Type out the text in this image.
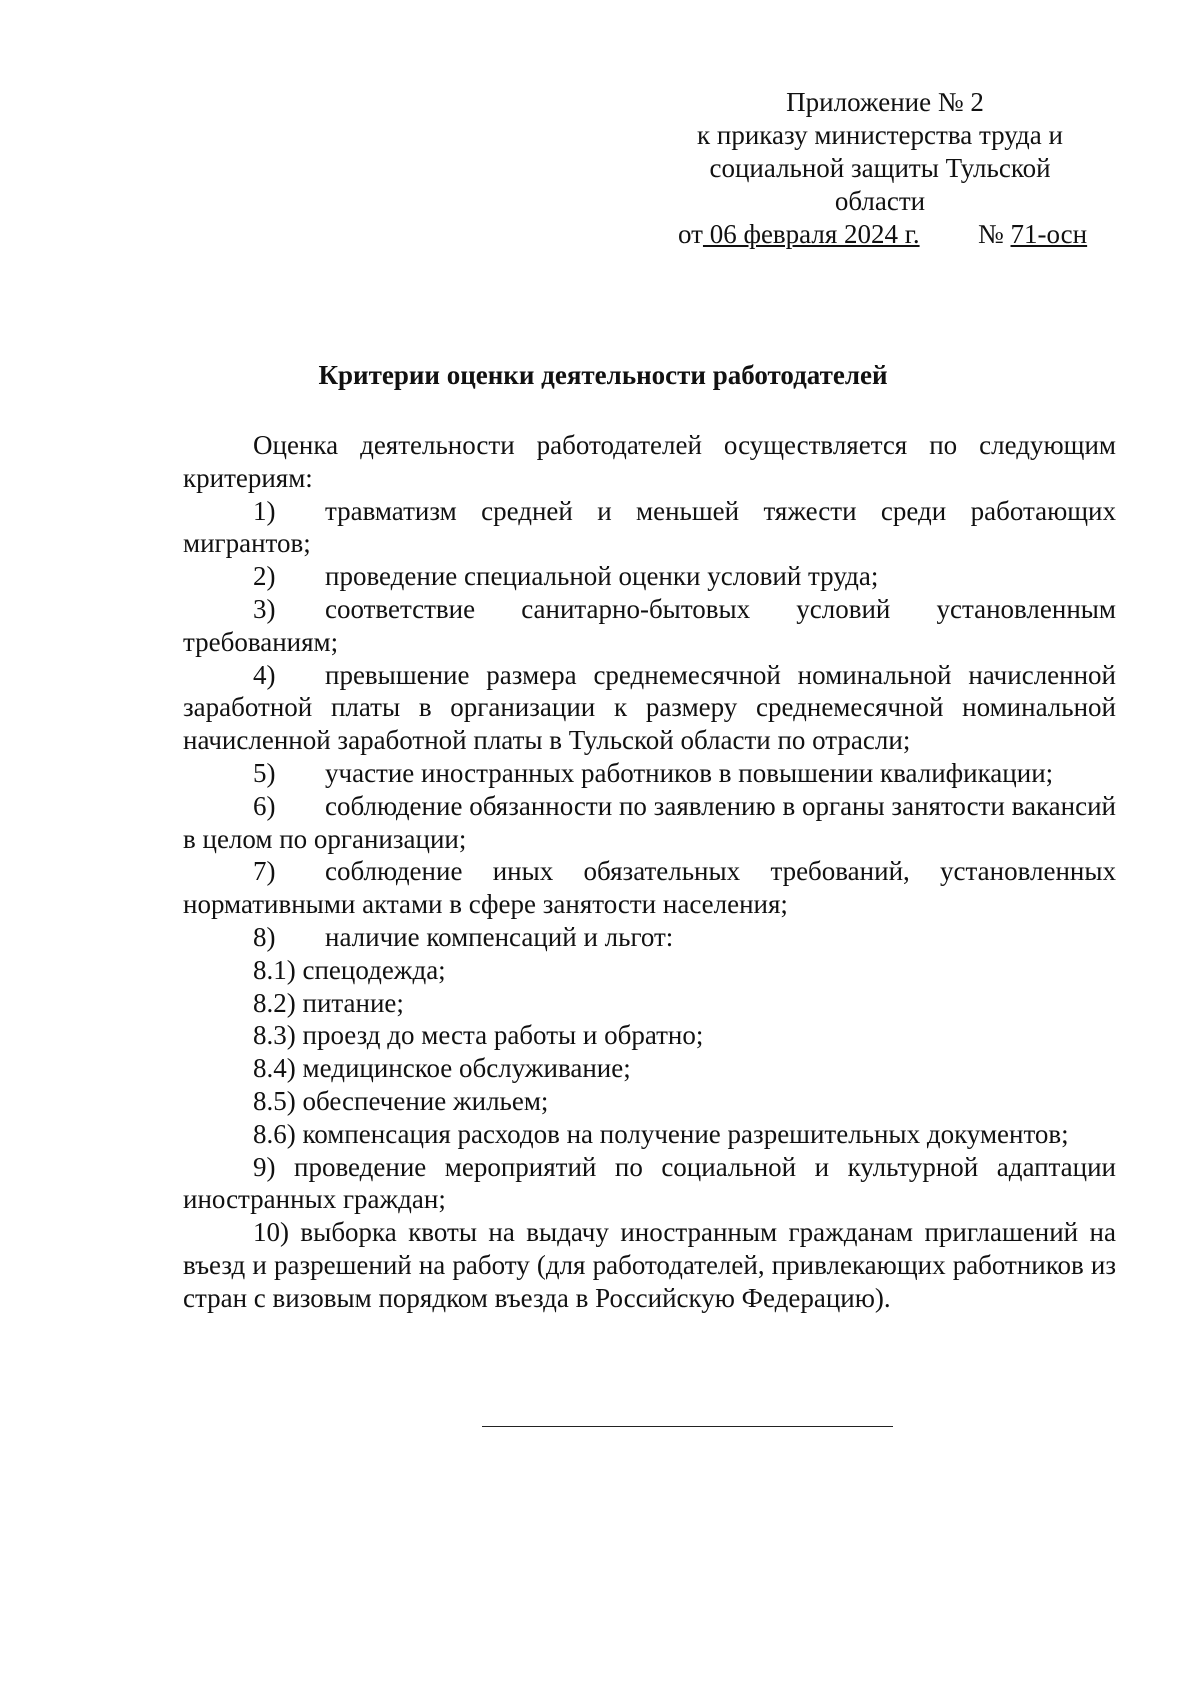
Приложение № 2
к приказу министерства труда и
социальной защиты Тульской
области
от 06 февраля 2024 г. № 71-осн
Критерии оценки деятельности работодателей

Оценка деятельности работодателей осуществляется по следующим критериям:

1) травматизм средней и меньшей тяжести среди работающих мигрантов;

2) проведение специальной оценки условий труда;

3) соответствие санитарно-бытовых условий установленным требованиям;

4) превышение размера среднемесячной номинальной начисленной заработной платы в организации к размеру среднемесячной номинальной начисленной заработной платы в Тульской области по отрасли;

5) участие иностранных работников в повышении квалификации;

6) соблюдение обязанности по заявлению в органы занятости вакансий в целом по организации;

7) соблюдение иных обязательных требований, установленных нормативными актами в сфере занятости населения;

8) наличие компенсаций и льгот:

8.1) спецодежда;

8.2) питание;

8.3) проезд до места работы и обратно;

8.4) медицинское обслуживание;

8.5) обеспечение жильем;

8.6) компенсация расходов на получение разрешительных документов;

9) проведение мероприятий по социальной и культурной адаптации иностранных граждан;

10) выборка квоты на выдачу иностранным гражданам приглашений на въезд и разрешений на работу (для работодателей, привлекающих работников из стран с визовым порядком въезда в Российскую Федерацию).
